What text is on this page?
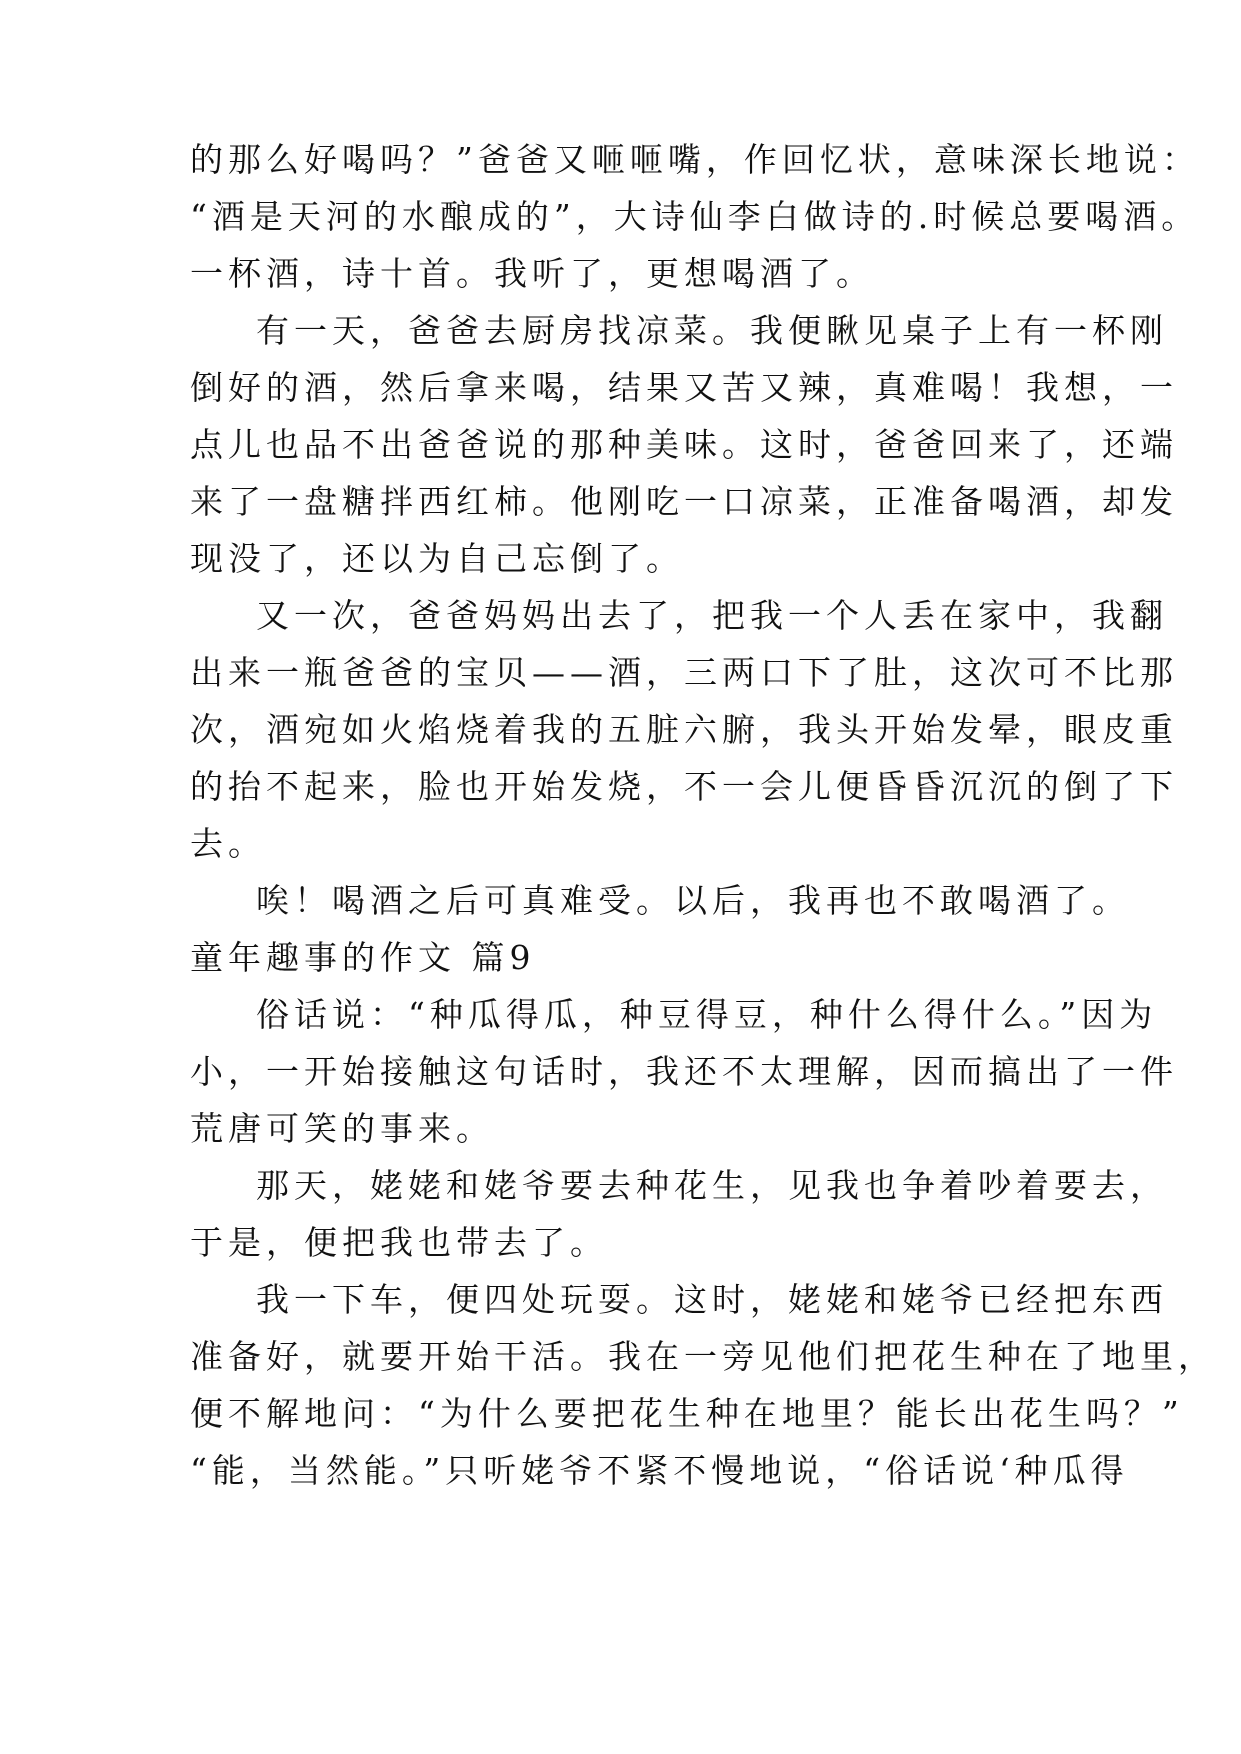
的那么好喝吗？”爸爸又咂咂嘴，作回忆状，意味深长地说：
“酒是天河的水酿成的”，大诗仙李白做诗的.时候总要喝酒。
一杯酒，诗十首。我听了，更想喝酒了。
有一天，爸爸去厨房找凉菜。我便瞅见桌子上有一杯刚
倒好的酒，然后拿来喝，结果又苦又辣，真难喝！我想，一
点儿也品不出爸爸说的那种美味。这时，爸爸回来了，还端
来了一盘糖拌西红柿。他刚吃一口凉菜，正准备喝酒，却发
现没了，还以为自己忘倒了。
又一次，爸爸妈妈出去了，把我一个人丢在家中，我翻
出来一瓶爸爸的宝贝——酒，三两口下了肚，这次可不比那
次，酒宛如火焰烧着我的五脏六腑，我头开始发晕，眼皮重
的抬不起来，脸也开始发烧，不一会儿便昏昏沉沉的倒了下
去。
唉！喝酒之后可真难受。以后，我再也不敢喝酒了。
童年趣事的作文 篇9
俗话说：“种瓜得瓜，种豆得豆，种什么得什么。”因为
小，一开始接触这句话时，我还不太理解，因而搞出了一件
荒唐可笑的事来。
那天，姥姥和姥爷要去种花生，见我也争着吵着要去，
于是，便把我也带去了。
我一下车，便四处玩耍。这时，姥姥和姥爷已经把东西
准备好，就要开始干活。我在一旁见他们把花生种在了地里，
便不解地问：“为什么要把花生种在地里？能长出花生吗？”
“能，当然能。”只听姥爷不紧不慢地说，“俗话说‘种瓜得
